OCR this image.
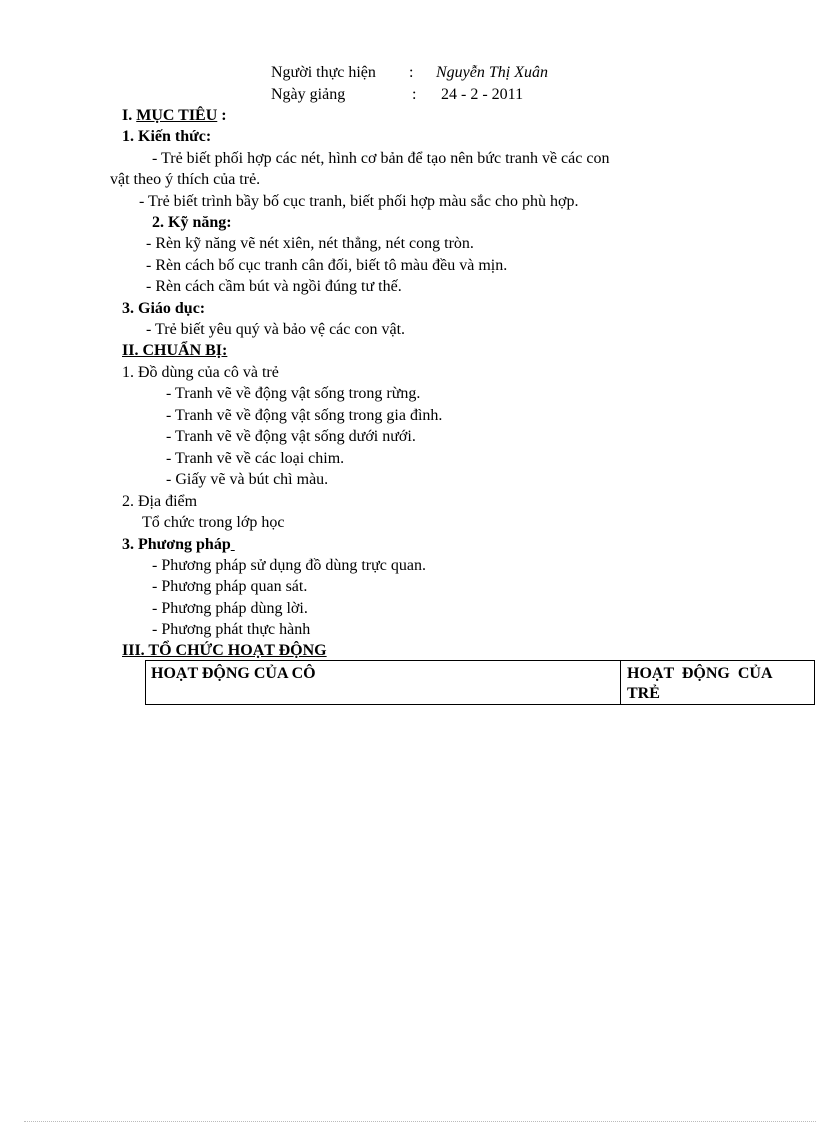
Người thực hiện : Nguyễn Thị Xuân
Ngày giảng	: 24 - 2 - 2011
I. MỤC TIÊU :
1. Kiến thức:
- Trẻ biết phối hợp các nét, hình cơ bản để tạo nên bức tranh về các con
vật theo ý thích của trẻ.
- Trẻ biết trình bầy bố cục tranh, biết phối hợp màu sắc cho phù hợp.
2. Kỹ năng:
- Rèn kỹ năng vẽ nét xiên, nét thẳng, nét cong tròn.
- Rèn cách bố cục tranh cân đối, biết tô màu đều và mịn.
- Rèn cách cầm bút và ngồi đúng tư thế.
3. Giáo dục:
- Trẻ biết yêu quý và bảo vệ các con vật.
II. CHUẨN BỊ:
1. Đồ dùng của cô và trẻ
- Tranh vẽ về động vật sống trong rừng.
- Tranh vẽ về động vật sống trong gia đình.
- Tranh vẽ về động vật sống dưới nưới.
- Tranh vẽ về các loại chim.
- Giấy vẽ và bút chì màu.
2. Địa điểm
Tổ chức trong lớp học
3. Phương pháp
- Phương pháp sử dụng đồ dùng trực quan.
- Phương pháp quan sát.
- Phương pháp dùng lời.
- Phương phát thực hành
III. TỔ CHỨC HOẠT ĐỘNG
HOẠT ĐỘNG CỦA CÔ	HOẠT  ĐỘNG  CỦA
TRẺ
